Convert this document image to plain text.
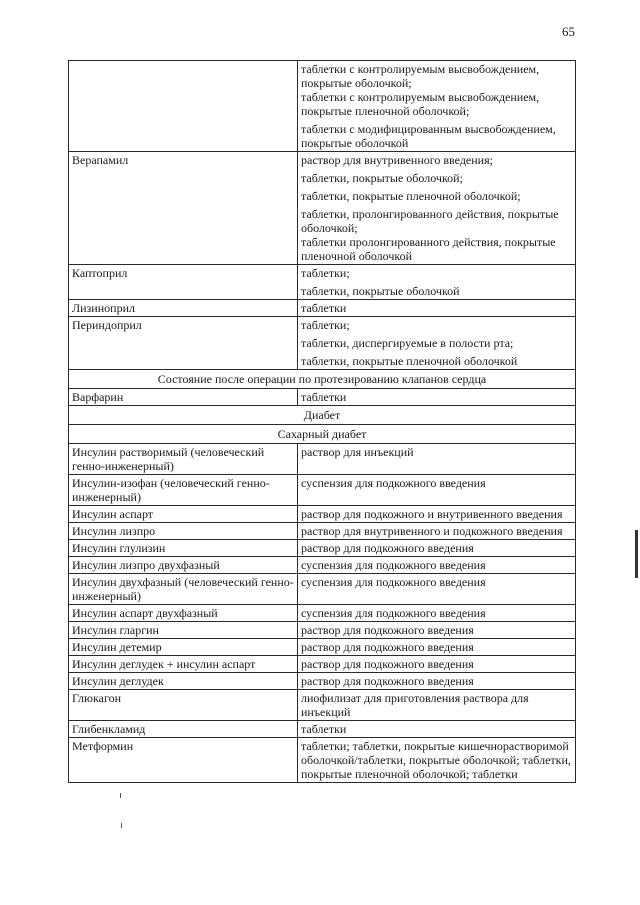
65

	таблетки с контролируемым высвобождением, покрытые оболочкой;
таблетки с контролируемым высвобождением, покрытые пленочной оболочкой;
таблетки с модифицированным высвобождением, покрытые оболочкой

Верапамил	раствор для внутривенного введения;
таблетки, покрытые оболочкой;
таблетки, покрытые пленочной оболочкой;
таблетки, пролонгированного действия, покрытые оболочкой;
таблетки пролонгированного действия, покрытые пленочной оболочкой

Каптоприл	таблетки;
таблетки, покрытые оболочкой

Лизиноприл	таблетки

Периндоприл	таблетки;
таблетки, диспергируемые в полости рта;
таблетки, покрытые пленочной оболочкой

Состояние после операции по протезированию клапанов сердца	
Варфарин	таблетки
Диабет	
Сахарный диабет	
Инсулин растворимый (человеческий генно-инженерный)	раствор для инъекций
Инсулин-изофан (человеческий генно-инженерный)	суспензия для подкожного введения
Инсулин аспарт	раствор для подкожного и внутривенного введения
Инсулин лизпро	раствор для внутривенного и подкожного введения
Инсулин глулизин	раствор для подкожного введения
Инсулин лизпро двухфазный	суспензия для подкожного введения
Инсулин двухфазный (человеческий генно-инженерный)	суспензия для подкожного введения
Инсулин аспарт двухфазный	суспензия для подкожного введения
Инсулин гларгин	раствор для подкожного введения
Инсулин детемир	раствор для подкожного введения
Инсулин деглудек + инсулин аспарт	раствор для подкожного введения
Инсулин деглудек	раствор для подкожного введения
Глюкагон	лиофилизат для приготовления раствора для инъекций
Глибенкламид	таблетки
Метформин	таблетки; таблетки, покрытые кишечнорастворимой оболочкой/таблетки, покрытые оболочкой; таблетки, покрытые пленочной оболочкой; таблетки
